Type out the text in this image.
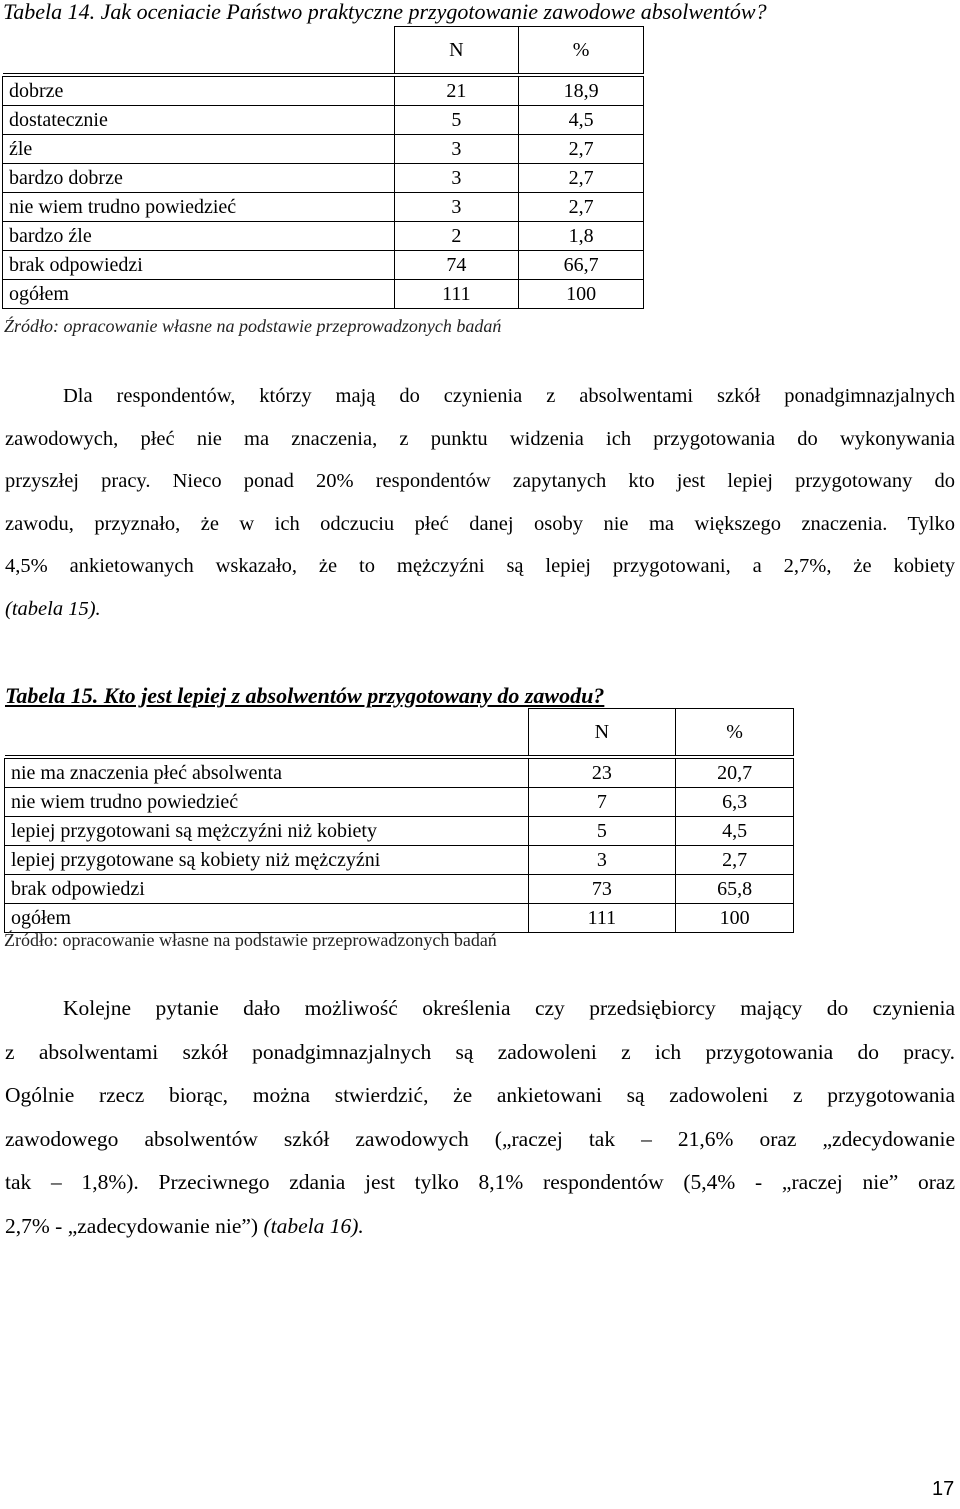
Tabela 14. Jak oceniacie Państwo praktyczne przygotowanie zawodowe absolwentów?
	N	%

dobrze	21	18,9
dostatecznie	5	4,5
źle	3	2,7
bardzo dobrze	3	2,7
nie wiem trudno powiedzieć	3	2,7
bardzo źle	2	1,8
brak odpowiedzi	74	66,7
ogółem	111	100
Źródło: opracowanie własne na podstawie przeprowadzonych badań

Dla respondentów, którzy mają do czynienia z absolwentami szkół ponadgimnazjalnych

zawodowych, płeć nie ma znaczenia, z punktu widzenia ich przygotowania do wykonywania

przyszłej pracy. Nieco ponad 20% respondentów zapytanych kto jest lepiej przygotowany do

zawodu, przyznało, że w ich odczuciu płeć danej osoby nie ma większego znaczenia. Tylko

4,5% ankietowanych wskazało, że to mężczyźni są lepiej przygotowani, a 2,7%, że kobiety

(tabela 15).

Tabela 15. Kto jest lepiej z absolwentów przygotowany do zawodu?
	N	%

nie ma znaczenia płeć absolwenta	23	20,7
nie wiem trudno powiedzieć	7	6,3
lepiej przygotowani są mężczyźni niż kobiety	5	4,5
lepiej przygotowane są kobiety niż mężczyźni	3	2,7
brak odpowiedzi	73	65,8
ogółem	111	100
Źródło: opracowanie własne na podstawie przeprowadzonych badań

Kolejne pytanie dało możliwość określenia czy przedsiębiorcy mający do czynienia

z absolwentami szkół ponadgimnazjalnych są zadowoleni z ich przygotowania do pracy.

Ogólnie rzecz biorąc, można stwierdzić, że ankietowani są zadowoleni z przygotowania

zawodowego absolwentów szkół zawodowych („raczej tak – 21,6% oraz „zdecydowanie

tak – 1,8%). Przeciwnego zdania jest tylko 8,1% respondentów (5,4% - „raczej nie” oraz

2,7% - „zadecydowanie nie”) (tabela 16).

17
